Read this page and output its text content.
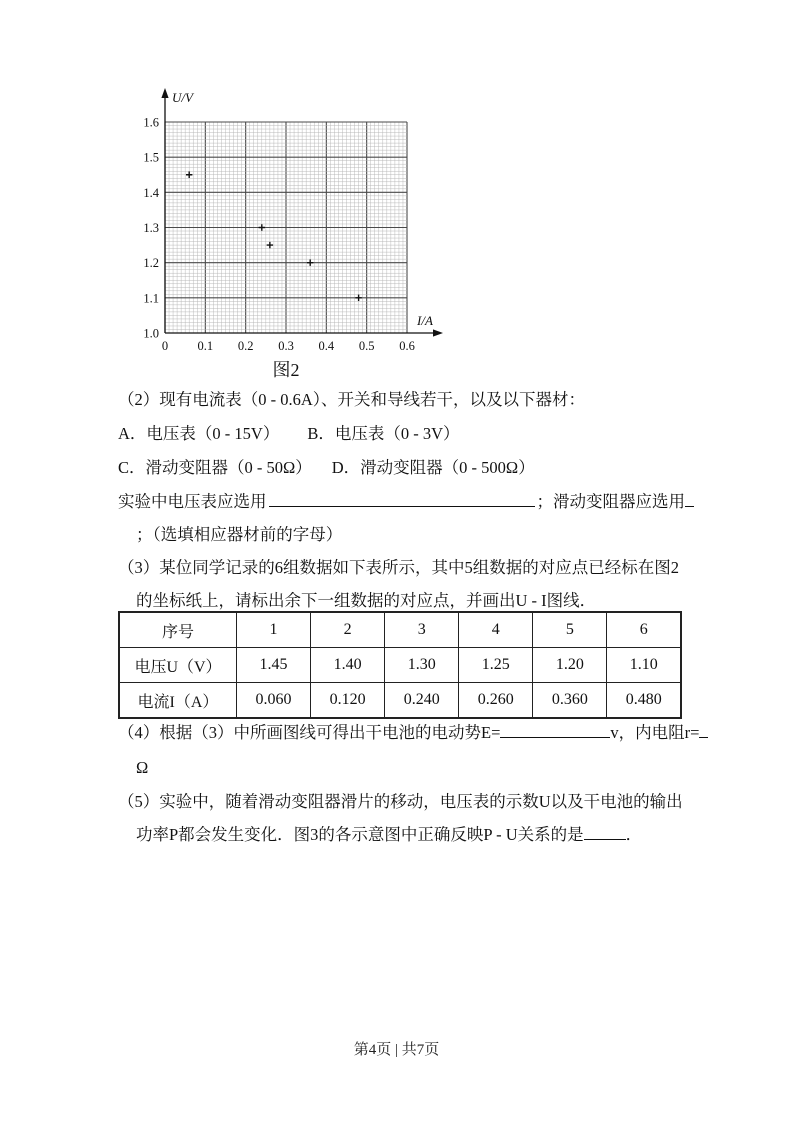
U/V
I/A
1.0
1.1
1.2
1.3
1.4
1.5
1.6
0 0.1 0.2 0.3 0.4 0.5 0.6
图2
（2）现有电流表（0 - 0.6A）、开关和导线若干，以及以下器材：
A．电压表（0 - 15V） B．电压表（0 - 3V）
C．滑动变阻器（0 - 50Ω） D．滑动变阻器（0 - 500Ω）
实验中电压表应选用	；滑动变阻器应选用
；（选填相应器材前的字母）
（3）某位同学记录的6组数据如下表所示，其中5组数据的对应点已经标在图2
的坐标纸上，请标出余下一组数据的对应点，并画出U - I图线．
序号	1	2	3	4	5	6
电压U（V）	1.45	1.40	1.30	1.25	1.20	1.10
电流I（A）	0.060	0.120	0.240	0.260	0.360	0.480
（4）根据（3）中所画图线可得出干电池的电动势E=	v，内电阻r=
Ω
（5）实验中，随着滑动变阻器滑片的移动，电压表的示数U以及干电池的输出
功率P都会发生变化．图3的各示意图中正确反映P - U关系的是	．
第4页 | 共7页
